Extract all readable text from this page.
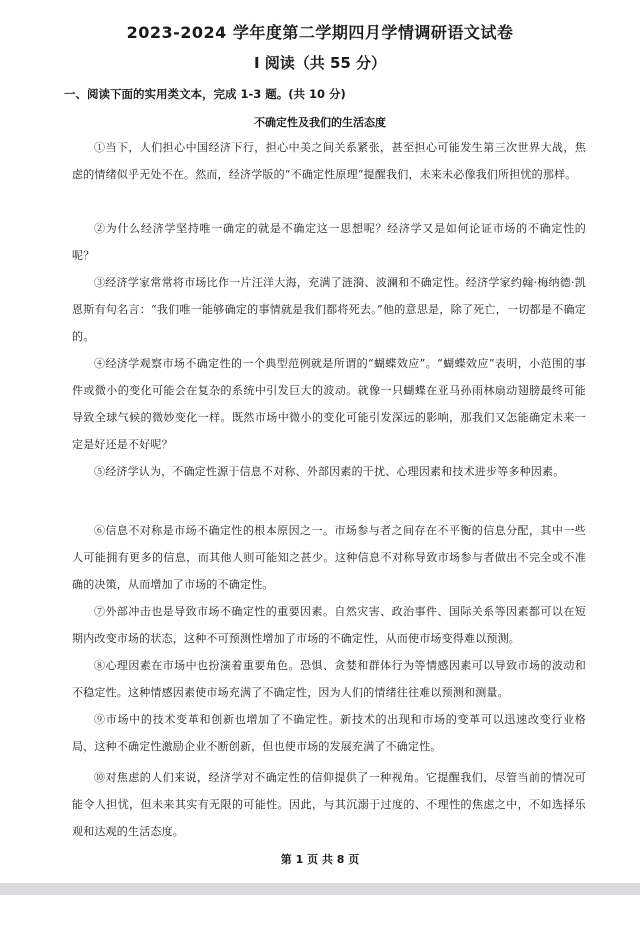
2023-2024 学年度第二学期四月学情调研语文试卷
I 阅读（共 55 分）
一、阅读下面的实用类文本，完成 1-3 题。(共 10 分)
不确定性及我们的生活态度

①当下，人们担心中国经济下行，担心中美之间关系紧张，甚至担心可能发生第三次世界大战，焦虑的情绪似乎无处不在。然而，经济学版的“不确定性原理”提醒我们，未来未必像我们所担忧的那样。

②为什么经济学坚持唯一确定的就是不确定这一思想呢？经济学又是如何论证市场的不确定性的呢？

③经济学家常常将市场比作一片汪洋大海，充满了涟漪、波澜和不确定性。经济学家约翰·梅纳德·凯恩斯有句名言：“我们唯一能够确定的事情就是我们都将死去。”他的意思是，除了死亡，一切都是不确定的。

④经济学观察市场不确定性的一个典型范例就是所谓的“蝴蝶效应”。“蝴蝶效应”表明，小范围的事件或微小的变化可能会在复杂的系统中引发巨大的波动。就像一只蝴蝶在亚马孙雨林扇动翅膀最终可能导致全球气候的微妙变化一样。既然市场中微小的变化可能引发深远的影响，那我们又怎能确定未来一定是好还是不好呢？

⑤经济学认为，不确定性源于信息不对称、外部因素的干扰、心理因素和技术进步等多种因素。

⑥信息不对称是市场不确定性的根本原因之一。市场参与者之间存在不平衡的信息分配，其中一些人可能拥有更多的信息，而其他人则可能知之甚少。这种信息不对称导致市场参与者做出不完全或不准确的决策，从而增加了市场的不确定性。

⑦外部冲击也是导致市场不确定性的重要因素。自然灾害、政治事件、国际关系等因素都可以在短期内改变市场的状态，这种不可预测性增加了市场的不确定性，从而使市场变得难以预测。

⑧心理因素在市场中也扮演着重要角色。恐惧、贪婪和群体行为等情感因素可以导致市场的波动和不稳定性。这种情感因素使市场充满了不确定性，因为人们的情绪往往难以预测和测量。

⑨市场中的技术变革和创新也增加了不确定性。新技术的出现和市场的变革可以迅速改变行业格局，这种不确定性激励企业不断创新，但也使市场的发展充满了不确定性。

⑩对焦虑的人们来说，经济学对不确定性的信仰提供了一种视角。它提醒我们，尽管当前的情况可能令人担忧，但未来其实有无限的可能性。因此，与其沉溺于过度的、不理性的焦虑之中，不如选择乐观和达观的生活态度。

第 1 页 共 8 页
